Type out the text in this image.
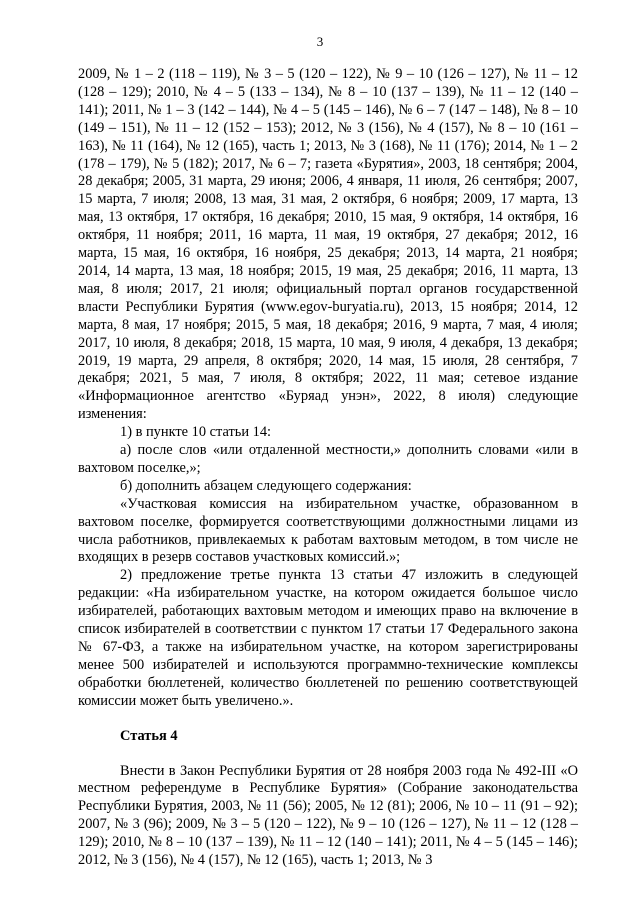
3

2009, № 1 – 2 (118 – 119), № 3 – 5 (120 – 122), № 9 – 10 (126 – 127), № 11 – 12 (128 – 129); 2010, № 4 – 5 (133 – 134), № 8 – 10 (137 – 139), № 11 – 12 (140 – 141); 2011, № 1 – 3 (142 – 144), № 4 – 5 (145 – 146), № 6 – 7 (147 – 148), № 8 – 10 (149 – 151), № 11 – 12 (152 – 153); 2012, № 3 (156), № 4 (157), № 8 – 10 (161 – 163), № 11 (164), № 12 (165), часть 1; 2013, № 3 (168), № 11 (176); 2014, № 1 – 2 (178 – 179), № 5 (182); 2017, № 6 – 7; газета «Бурятия», 2003, 18 сентября; 2004, 28 декабря; 2005, 31 марта, 29 июня; 2006, 4 января, 11 июля, 26 сентября; 2007, 15 марта, 7 июля; 2008, 13 мая, 31 мая, 2 октября, 6 ноября; 2009, 17 марта, 13 мая, 13 октября, 17 октября, 16 декабря; 2010, 15 мая, 9 октября, 14 октября, 16 октября, 11 ноября; 2011, 16 марта, 11 мая, 19 октября, 27 декабря; 2012, 16 марта, 15 мая, 16 октября, 16 ноября, 25 декабря; 2013, 14 марта, 21 ноября; 2014, 14 марта, 13 мая, 18 ноября; 2015, 19 мая, 25 декабря; 2016, 11 марта, 13 мая, 8 июля; 2017, 21 июля; официальный портал органов государственной власти Республики Бурятия (www.egov-buryatia.ru), 2013, 15 ноября; 2014, 12 марта, 8 мая, 17 ноября; 2015, 5 мая, 18 декабря; 2016, 9 марта, 7 мая, 4 июля; 2017, 10 июля, 8 декабря; 2018, 15 марта, 10 мая, 9 июля, 4 декабря, 13 декабря; 2019, 19 марта, 29 апреля, 8 октября; 2020, 14 мая, 15 июля, 28 сентября, 7 декабря; 2021, 5 мая, 7 июля, 8 октября; 2022, 11 мая; сетевое издание «Информационное агентство «Буряад унэн», 2022, 8 июля) следующие изменения:

1) в пункте 10 статьи 14:

а) после слов «или отдаленной местности,» дополнить словами «или в вахтовом поселке,»;

б) дополнить абзацем следующего содержания:

«Участковая комиссия на избирательном участке, образованном в вахтовом поселке, формируется соответствующими должностными лицами из числа работников, привлекаемых к работам вахтовым методом, в том числе не входящих в резерв составов участковых комиссий.»;

2) предложение третье пункта 13 статьи 47 изложить в следующей редакции: «На избирательном участке, на котором ожидается большое число избирателей, работающих вахтовым методом и имеющих право на включение в список избирателей в соответствии с пунктом 17 статьи 17 Федерального закона № 67-ФЗ, а также на избирательном участке, на котором зарегистрированы менее 500 избирателей и используются программно-технические комплексы обработки бюллетеней, количество бюллетеней по решению соответствующей комиссии может быть увеличено.».

Статья 4

Внести в Закон Республики Бурятия от 28 ноября 2003 года № 492-III «О местном референдуме в Республике Бурятия» (Собрание законодательства Республики Бурятия, 2003, № 11 (56); 2005, № 12 (81); 2006, № 10 – 11 (91 – 92); 2007, № 3 (96); 2009, № 3 – 5 (120 – 122), № 9 – 10 (126 – 127), № 11 – 12 (128 – 129); 2010, № 8 – 10 (137 – 139), № 11 – 12 (140 – 141); 2011, № 4 – 5 (145 – 146); 2012, № 3 (156), № 4 (157), № 12 (165), часть 1; 2013, № 3
